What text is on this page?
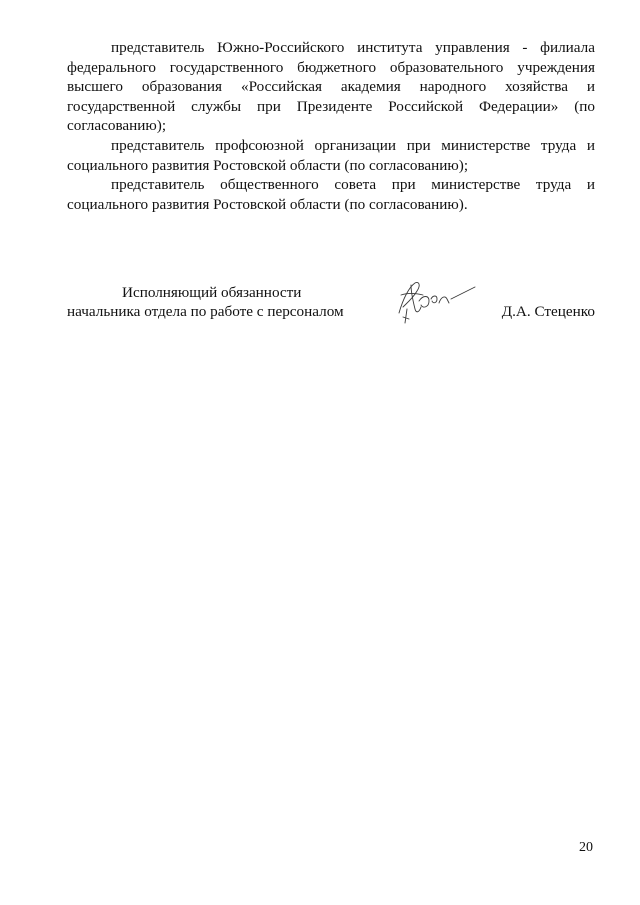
представитель Южно-Российского института управления - филиала федерального государственного бюджетного образовательного учреждения высшего образования «Российская академия народного хозяйства и государственной службы при Президенте Российской Федерации» (по согласованию);

представитель профсоюзной организации при министерстве труда и социального развития Ростовской области (по согласованию);

представитель общественного совета при министерстве труда и социального развития Ростовской области (по согласованию).

Исполняющий обязанности
начальника отдела по работе с персоналом	Д.А. Стеценко
20
